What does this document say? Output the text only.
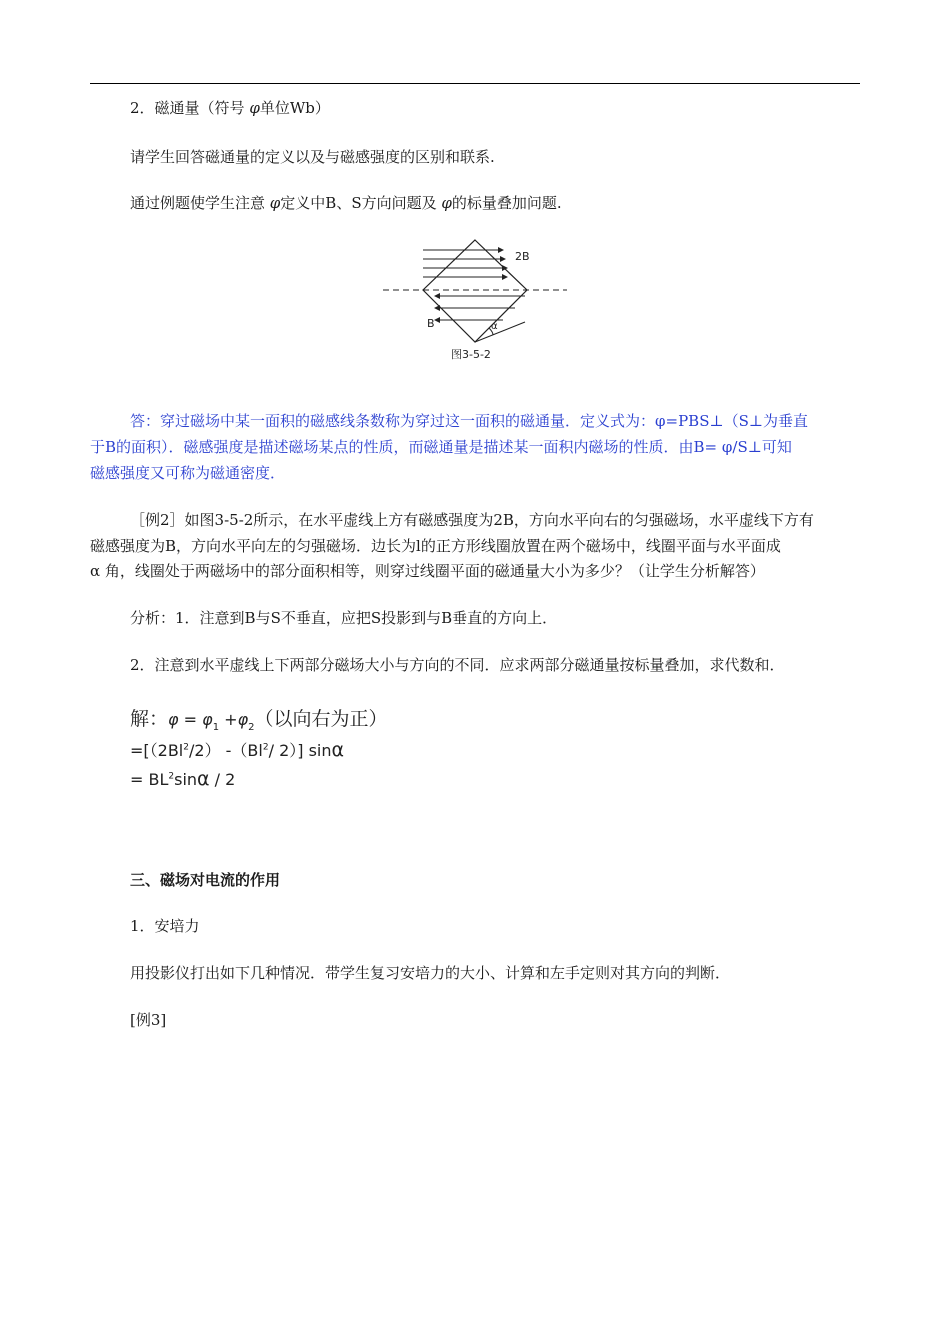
2．磁通量（符号 φ单位Wb）
请学生回答磁通量的定义以及与磁感强度的区别和联系.
通过例题使学生注意 φ定义中B、S方向问题及 φ的标量叠加问题.
2B
B	α
图3-5-2
答：穿过磁场中某一面积的磁感线条数称为穿过这一面积的磁通量．定义式为：φ=PBS⊥（S⊥为垂直
于B的面积）．磁感强度是描述磁场某点的性质，而磁通量是描述某一面积内磁场的性质．由B= φ/S⊥可知
磁感强度又可称为磁通密度．
［例2］如图3-5-2所示，在水平虚线上方有磁感强度为2B，方向水平向右的匀强磁场，水平虚线下方有
磁感强度为B，方向水平向左的匀强磁场．边长为l的正方形线圈放置在两个磁场中，线圈平面与水平面成
α 角，线圈处于两磁场中的部分面积相等，则穿过线圈平面的磁通量大小为多少？（让学生分析解答）
分析：1．注意到B与S不垂直，应把S投影到与B垂直的方向上．
2．注意到水平虚线上下两部分磁场大小与方向的不同．应求两部分磁通量按标量叠加，求代数和．
解：$\varphi = \varphi_1 +\varphi_2$（以向右为正）
$=[(2Bl^2/2)$ -（Bl$^2$/ 2）] sinα
= $BL^2\sin\alpha / 2$
三、磁场对电流的作用
1．安培力
用投影仪打出如下几种情况．带学生复习安培力的大小、计算和左手定则对其方向的判断．
[例3]
